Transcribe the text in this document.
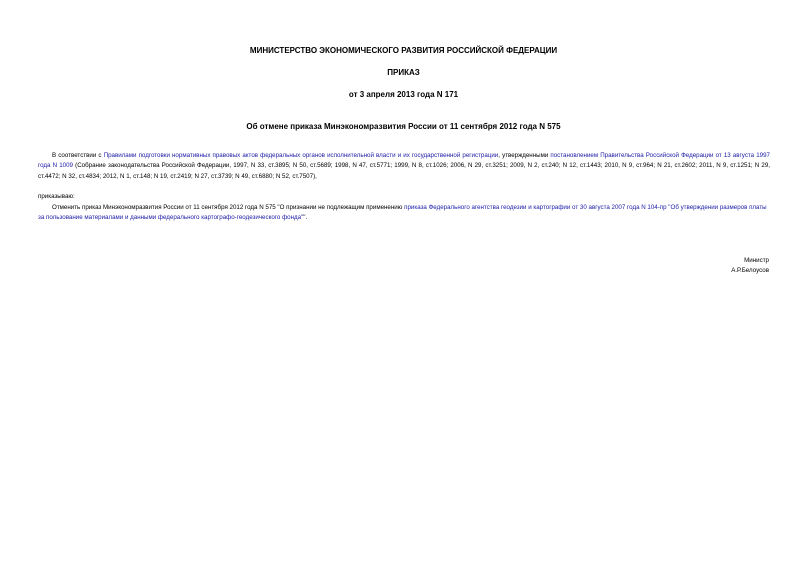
МИНИСТЕРСТВО ЭКОНОМИЧЕСКОГО РАЗВИТИЯ РОССИЙСКОЙ ФЕДЕРАЦИИ
ПРИКАЗ
от 3 апреля 2013 года N 171
Об отмене приказа Минэкономразвития России от 11 сентября 2012 года N 575
В соответствии с Правилами подготовки нормативных правовых актов федеральных органов исполнительной власти и их государственной регистрации, утвержденными постановлением Правительства Российской Федерации от 13 августа 1997 года N 1009 (Собрание законодательства Российской Федерации, 1997, N 33, ст.3895; N 50, ст.5689; 1998, N 47, ст.5771; 1999, N 8, ст.1026; 2006, N 29, ст.3251; 2009, N 2, ст.240; N 12, ст.1443; 2010, N 9, ст.964; N 21, ст.2602; 2011, N 9, ст.1251; N 29, ст.4472; N 32, ст.4834; 2012, N 1, ст.148; N 19, ст.2419; N 27, ст.3739; N 49, ст.6880; N 52, ст.7507),
приказываю:
Отменить приказ Минэкономразвития России от 11 сентября 2012 года N 575 "О признании не подлежащим применению приказа Федерального агентства геодезии и картографии от 30 августа 2007 года N 104-пр "Об утверждении размеров платы за пользование материалами и данными федерального картографо-геодезического фонда"".
Министр
А.Р.Белоусов
